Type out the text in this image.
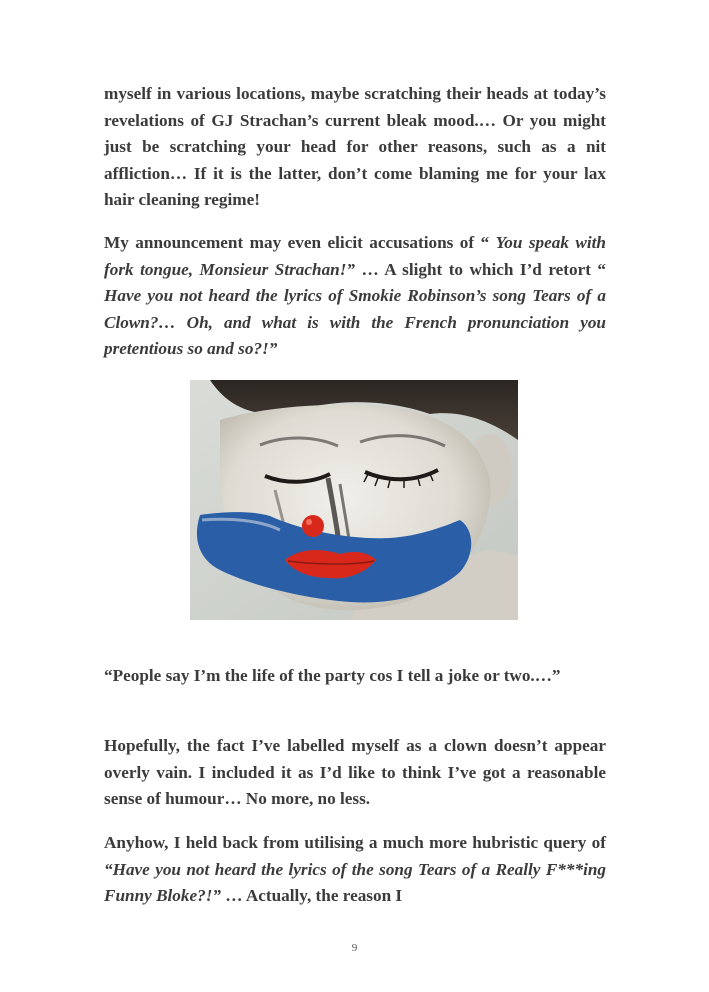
myself in various locations, maybe scratching their heads at today’s revelations of GJ Strachan’s current bleak mood.… Or you might just be scratching your head for other reasons, such as a nit affliction… If it is the latter, don’t come blaming me for your lax hair cleaning regime!

My announcement may even elicit accusations of “ You speak with fork tongue, Monsieur Strachan!” … A slight to which I’d retort “ Have you not heard the lyrics of Smokie Robinson’s song Tears of a Clown?… Oh, and what is with the French pronunciation you pretentious so and so?!”

“People say I’m the life of the party cos I tell a joke or two.…”

Hopefully, the fact I’ve labelled myself as a clown doesn’t appear overly vain. I included it as I’d like to think I’ve got a reasonable sense of humour… No more, no less.

Anyhow, I held back from utilising a much more hubristic query of “Have you not heard the lyrics of the song Tears of a Really F***ing Funny Bloke?!” … Actually, the reason I

9
